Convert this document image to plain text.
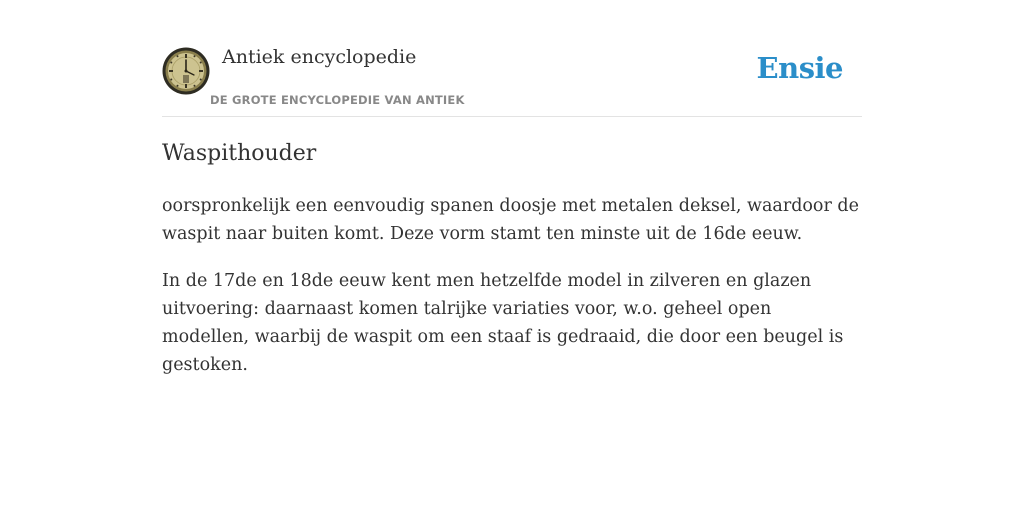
Antiek encyclopedie
DE GROTE ENCYCLOPEDIE VAN ANTIEK
Ensie
Waspithouder

oorspronkelijk een eenvoudig spanen doosje met metalen deksel, waardoor de waspit naar buiten komt. Deze vorm stamt ten minste uit de 16de eeuw.

In de 17de en 18de eeuw kent men hetzelfde model in zilveren en glazen uitvoering: daarnaast komen talrijke variaties voor, w.o. geheel open modellen, waarbij de waspit om een staaf is gedraaid, die door een beugel is gestoken.
